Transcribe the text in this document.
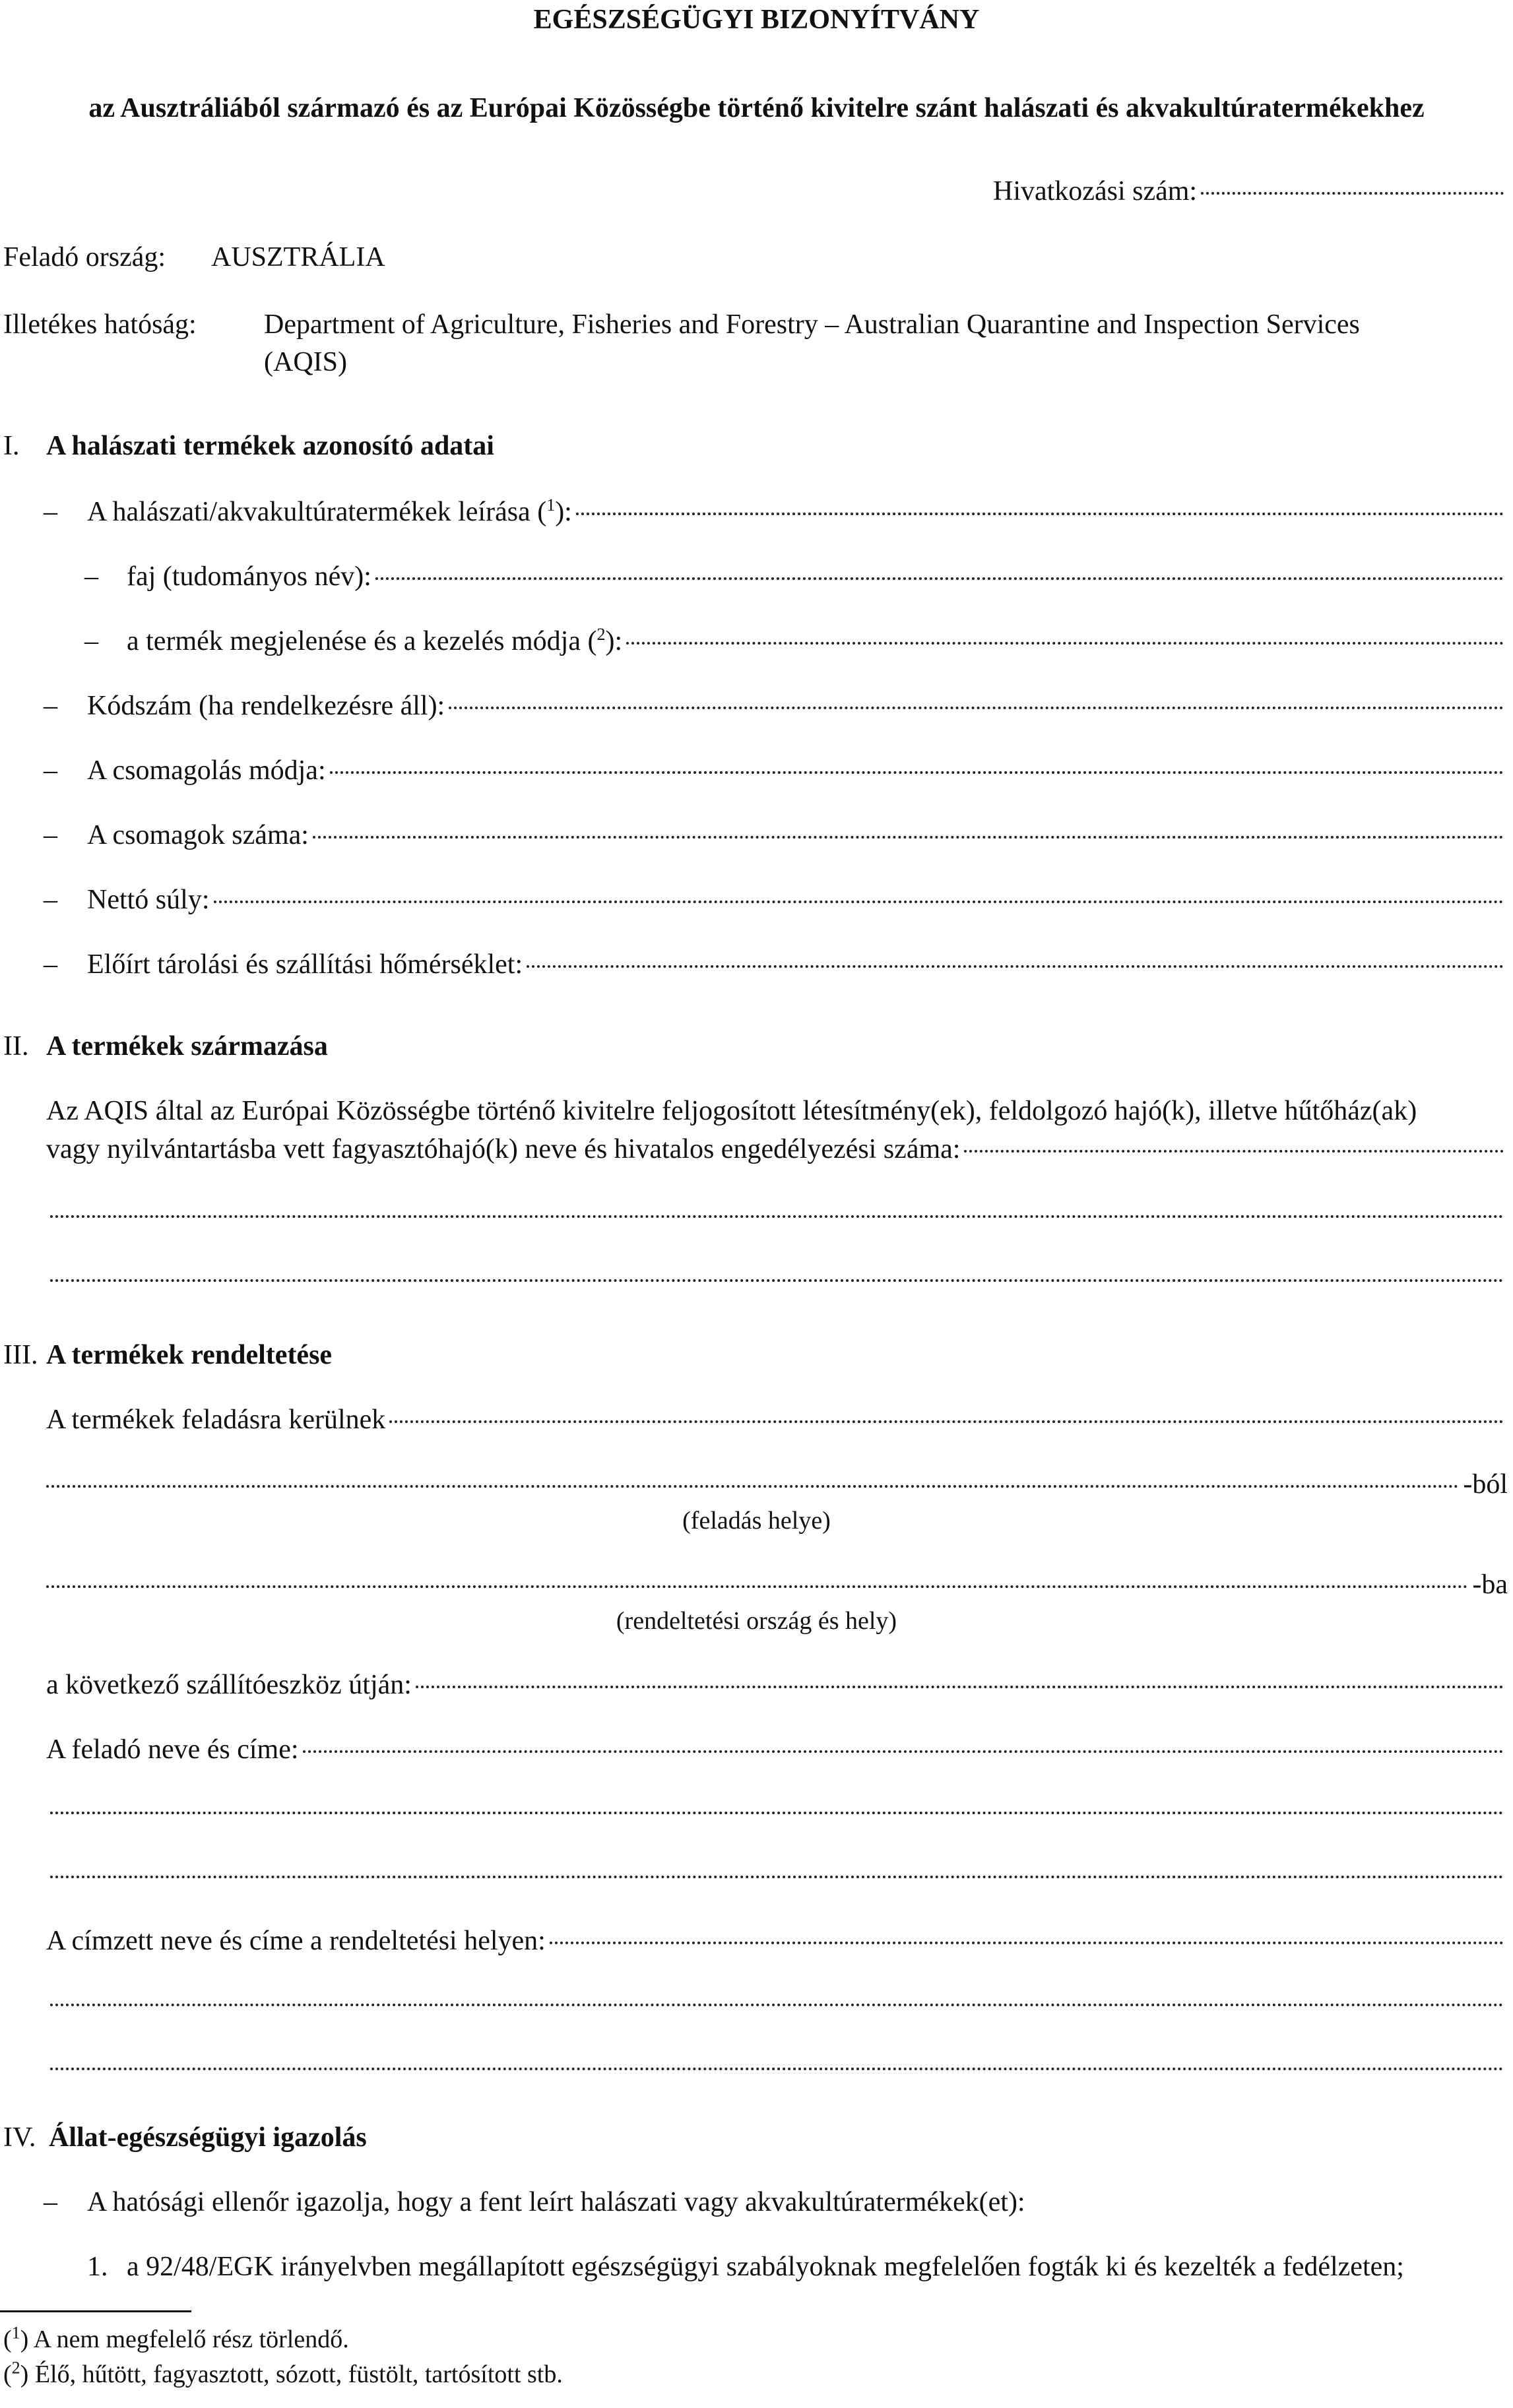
EGÉSZSÉGÜGYI BIZONYÍTVÁNY
az Ausztráliából származó és az Európai Közösségbe történő kivitelre szánt halászati és akvakultúratermékekhez
Hivatkozási szám:
Feladó ország: AUSZTRÁLIA
Illetékes hatóság: Department of Agriculture, Fisheries and Forestry – Australian Quarantine and Inspection Services
(AQIS)
I. A halászati termékek azonosító adatai
– A halászati/akvakultúratermékek leírása ($^1$):
– faj (tudományos név):
– a termék megjelenése és a kezelés módja ($^2$):
– Kódszám (ha rendelkezésre áll):
– A csomagolás módja:
– A csomagok száma:
– Nettó súly:
– Előírt tárolási és szállítási hőmérséklet:
II. A termékek származása
Az AQIS által az Európai Közösségbe történő kivitelre feljogosított létesítmény(ek), feldolgozó hajó(k), illetve hűtőház(ak)
vagy nyilvántartásba vett fagyasztóhajó(k) neve és hivatalos engedélyezési száma:
III. A termékek rendeltetése
A termékek feladásra kerülnek
-ból
(feladás helye)
-ba
(rendeltetési ország és hely)
a következő szállítóeszköz útján:
A feladó neve és címe:
A címzett neve és címe a rendeltetési helyen:
IV. Állat-egészségügyi igazolás
– A hatósági ellenőr igazolja, hogy a fent leírt halászati vagy akvakultúratermékek(et):
1. a 92/48/EGK irányelvben megállapított egészségügyi szabályoknak megfelelően fogták ki és kezelték a fedélzeten;
($^1$) A nem megfelelő rész törlendő.
($^2$) Élő, hűtött, fagyasztott, sózott, füstölt, tartósított stb.
